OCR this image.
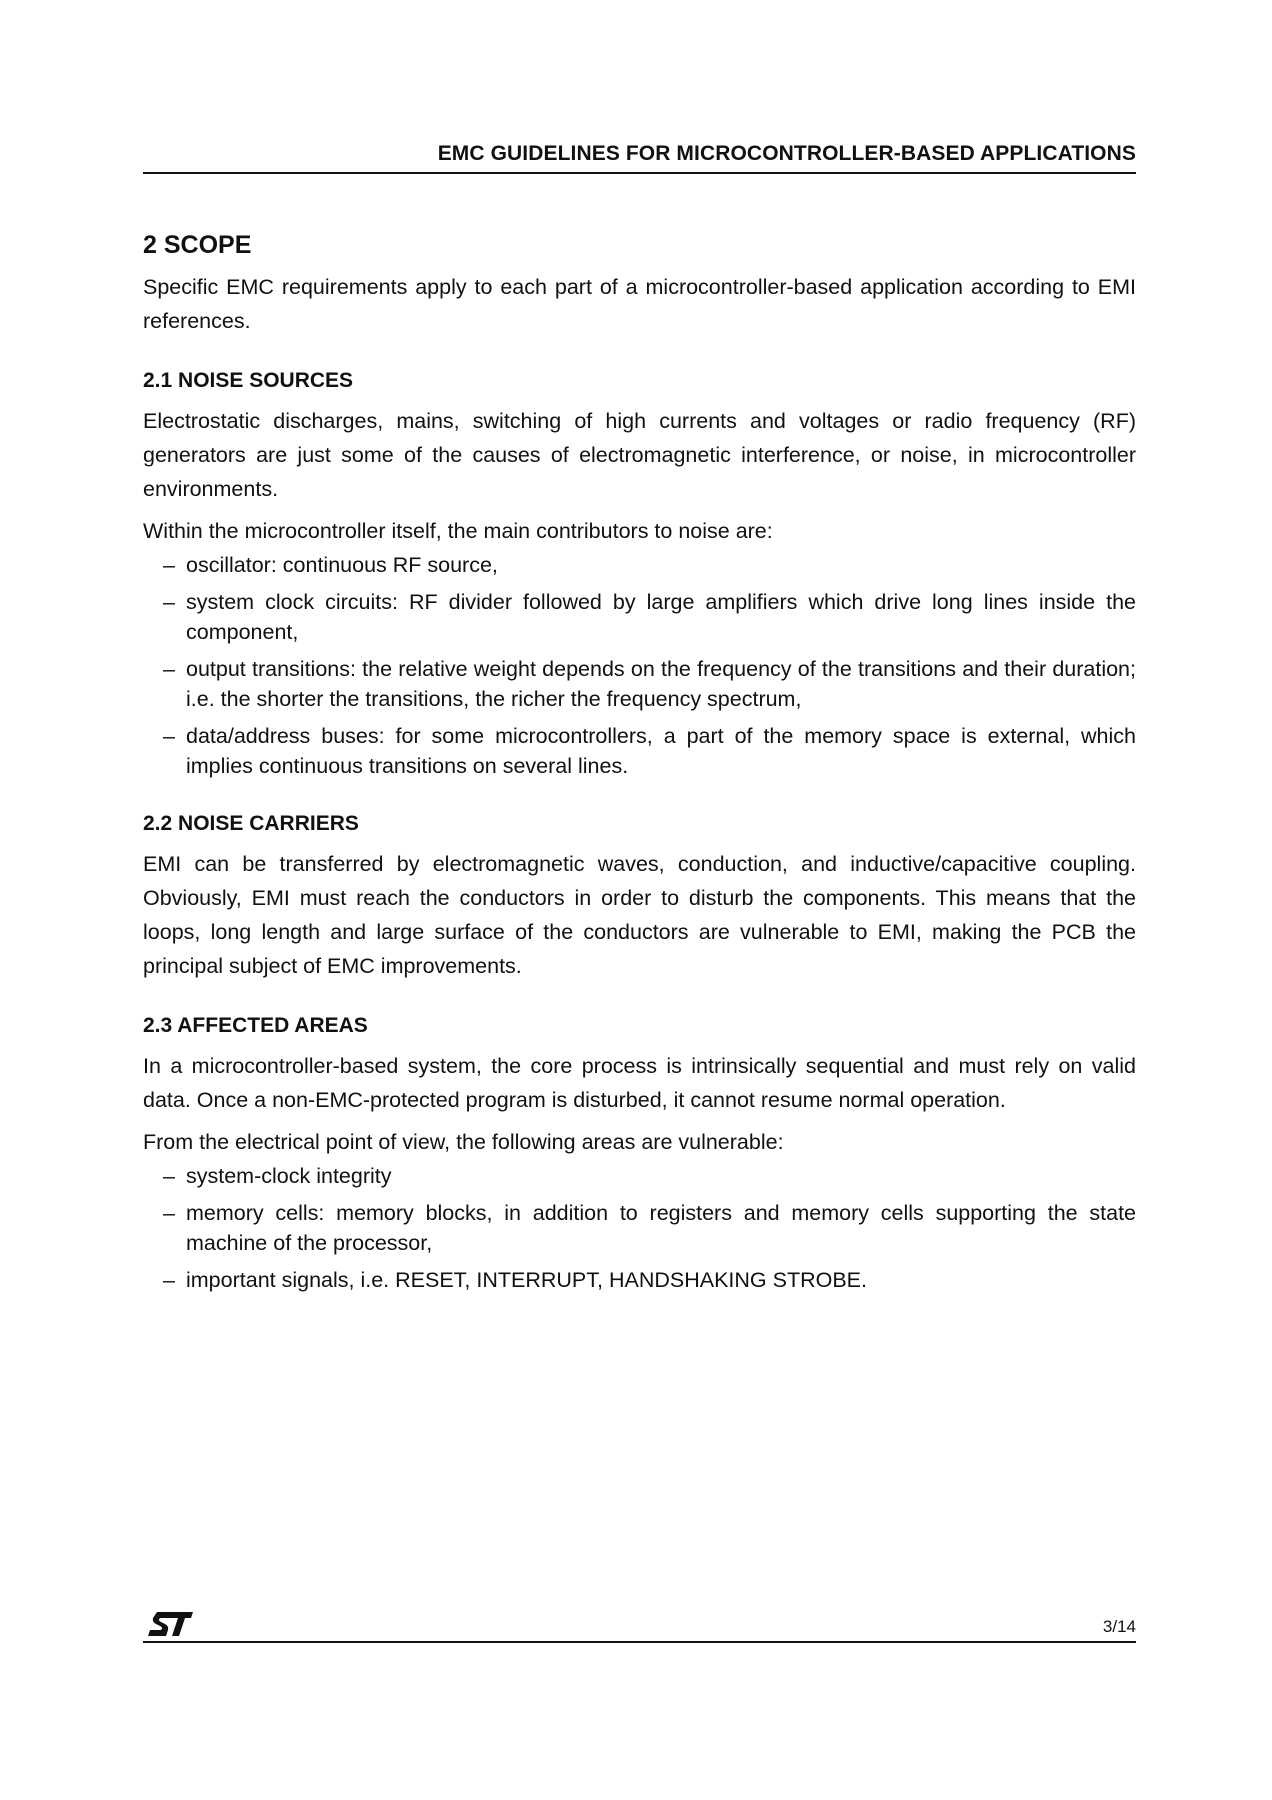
EMC GUIDELINES FOR MICROCONTROLLER-BASED APPLICATIONS
2 SCOPE

Specific EMC requirements apply to each part of a microcontroller-based application according to EMI references.

2.1 NOISE SOURCES

Electrostatic discharges, mains, switching of high currents and voltages or radio frequency (RF) generators are just some of the causes of electromagnetic interference, or noise, in microcontroller environments.

Within the microcontroller itself, the main contributors to noise are:

– oscillator: continuous RF source,
– system clock circuits: RF divider followed by large amplifiers which drive long lines inside the component,
– output transitions: the relative weight depends on the frequency of the transitions and their duration; i.e. the shorter the transitions, the richer the frequency spectrum,
– data/address buses: for some microcontrollers, a part of the memory space is external, which implies continuous transitions on several lines.
2.2 NOISE CARRIERS

EMI can be transferred by electromagnetic waves, conduction, and inductive/capacitive coupling. Obviously, EMI must reach the conductors in order to disturb the components. This means that the loops, long length and large surface of the conductors are vulnerable to EMI, making the PCB the principal subject of EMC improvements.

2.3 AFFECTED AREAS

In a microcontroller-based system, the core process is intrinsically sequential and must rely on valid data. Once a non-EMC-protected program is disturbed, it cannot resume normal operation.

From the electrical point of view, the following areas are vulnerable:

– system-clock integrity
– memory cells: memory blocks, in addition to registers and memory cells supporting the state machine of the processor,
– important signals, i.e. RESET, INTERRUPT, HANDSHAKING STROBE.
3/14
